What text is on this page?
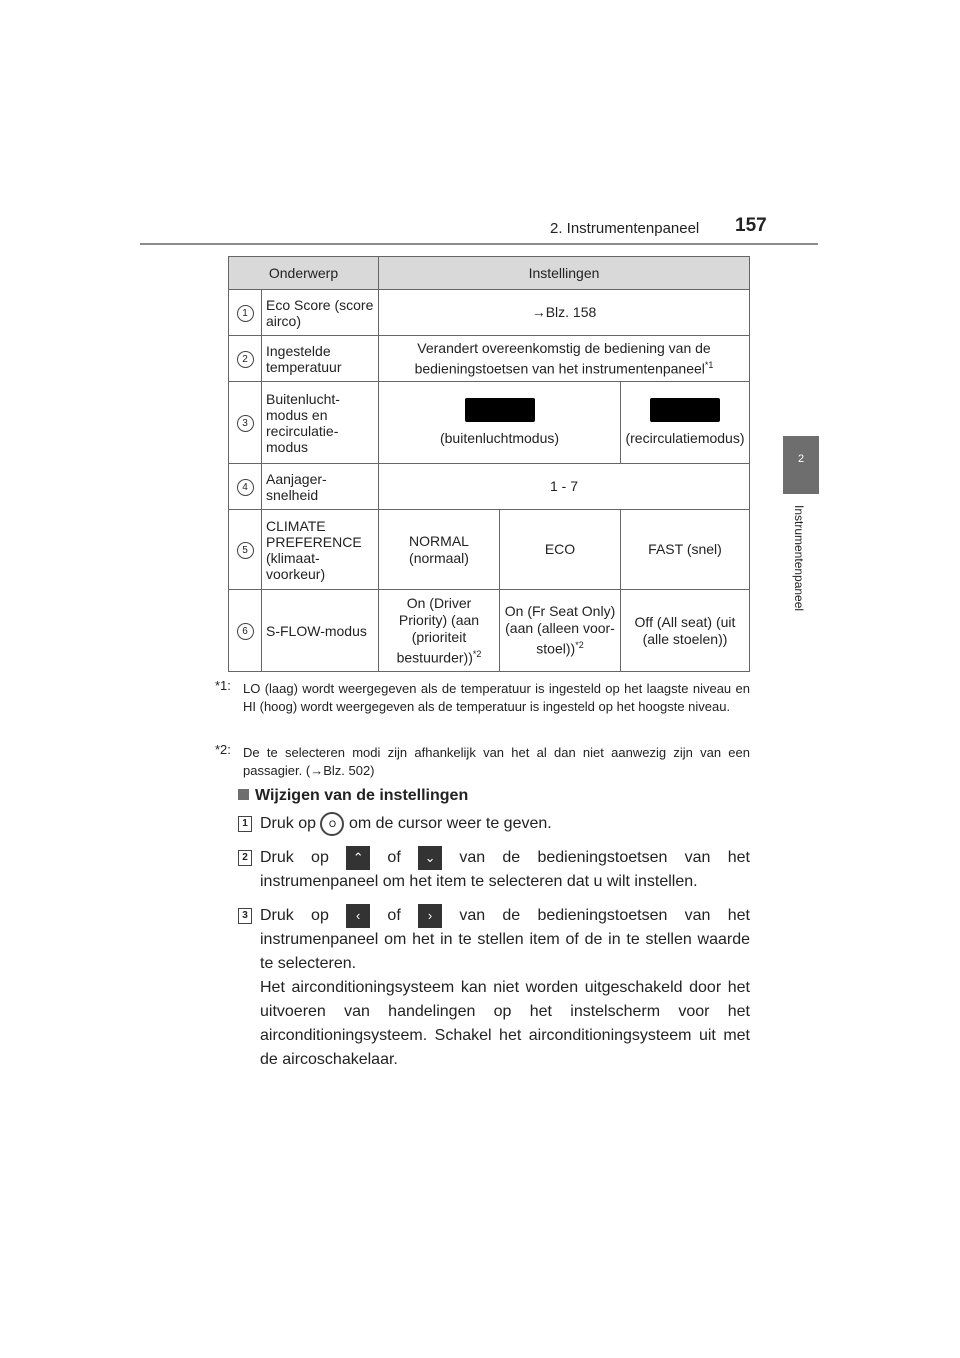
2. Instrumentenpaneel 157
2
Instrumentenpaneel
Onderwerp		Instellingen		
1	Eco Score (score airco)	→Blz. 158		
2	Ingestelde temperatuur	Verandert overeenkomstig de bediening van de bedieningstoetsen van het instrumentenpaneel$^{*1}$
3	Buitenlucht-modus en recirculatie-modus	(buitenluchtmodus)		(recirculatiemodus)
4	Aanjager-snelheid	1 - 7		
5	CLIMATE PREFERENCE (klimaat-voorkeur)	NORMAL (normaal)	ECO	FAST (snel)
6	S-FLOW-modus	On (Driver Priority) (aan (prioriteit bestuurder))$^{*2}$	On (Fr Seat Only) (aan (alleen voor-stoel))$^{*2}$	Off (All seat) (uit (alle stoelen))
*1: LO (laag) wordt weergegeven als de temperatuur is ingesteld op het laagste niveau en HI (hoog) wordt weergegeven als de temperatuur is ingesteld op het hoogste niveau.
*2: De te selecteren modi zijn afhankelijk van het al dan niet aanwezig zijn van een passagier. (→Blz. 502)
Wijzigen van de instellingen
1 Druk op O om de cursor weer te geven.
2 Druk op ⌃ of ⌄ van de bedieningstoetsen van het instrumenpaneel om het item te selecteren dat u wilt instellen.
3 Druk op ‹ of › van de bedieningstoetsen van het instrumenpaneel om het in te stellen item of de in te stellen waarde te selecteren.
Het airconditioningsysteem kan niet worden uitgeschakeld door het uitvoeren van handelingen op het instelscherm voor het airconditioningsysteem. Schakel het airconditioningsysteem uit met de aircoschakelaar.
